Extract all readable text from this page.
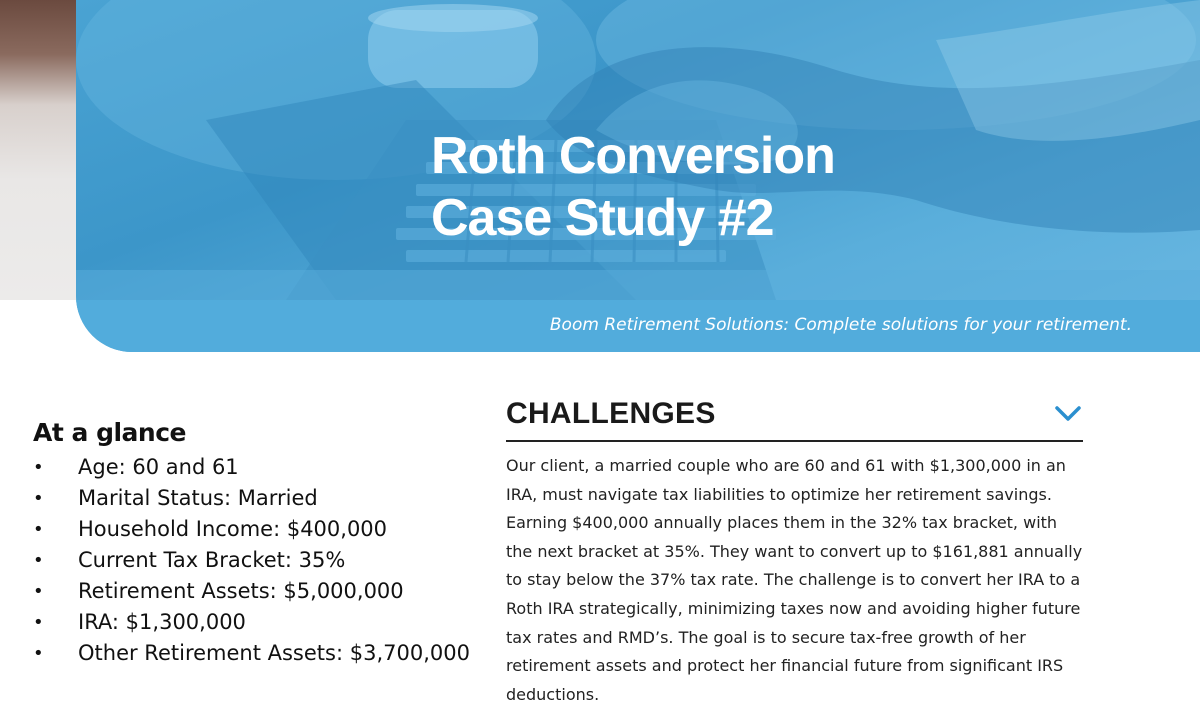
Roth Conversion
Case Study #2
Boom Retirement Solutions: Complete solutions for your retirement.
At a glance
• Age: 60 and 61
• Marital Status: Married
• Household Income: $400,000
• Current Tax Bracket: 35%
• Retirement Assets: $5,000,000
• IRA: $1,300,000
• Other Retirement Assets: $3,700,000
CHALLENGES

Our client, a married couple who are 60 and 61 with $1,300,000 in an IRA, must navigate tax liabilities to optimize her retirement savings. Earning $400,000 annually places them in the 32% tax bracket, with the next bracket at 35%. They want to convert up to $161,881 annually to stay below the 37% tax rate. The challenge is to convert her IRA to a Roth IRA strategically, minimizing taxes now and avoiding higher future tax rates and RMD’s. The goal is to secure tax-free growth of her retirement assets and protect her financial future from significant IRS deductions.
